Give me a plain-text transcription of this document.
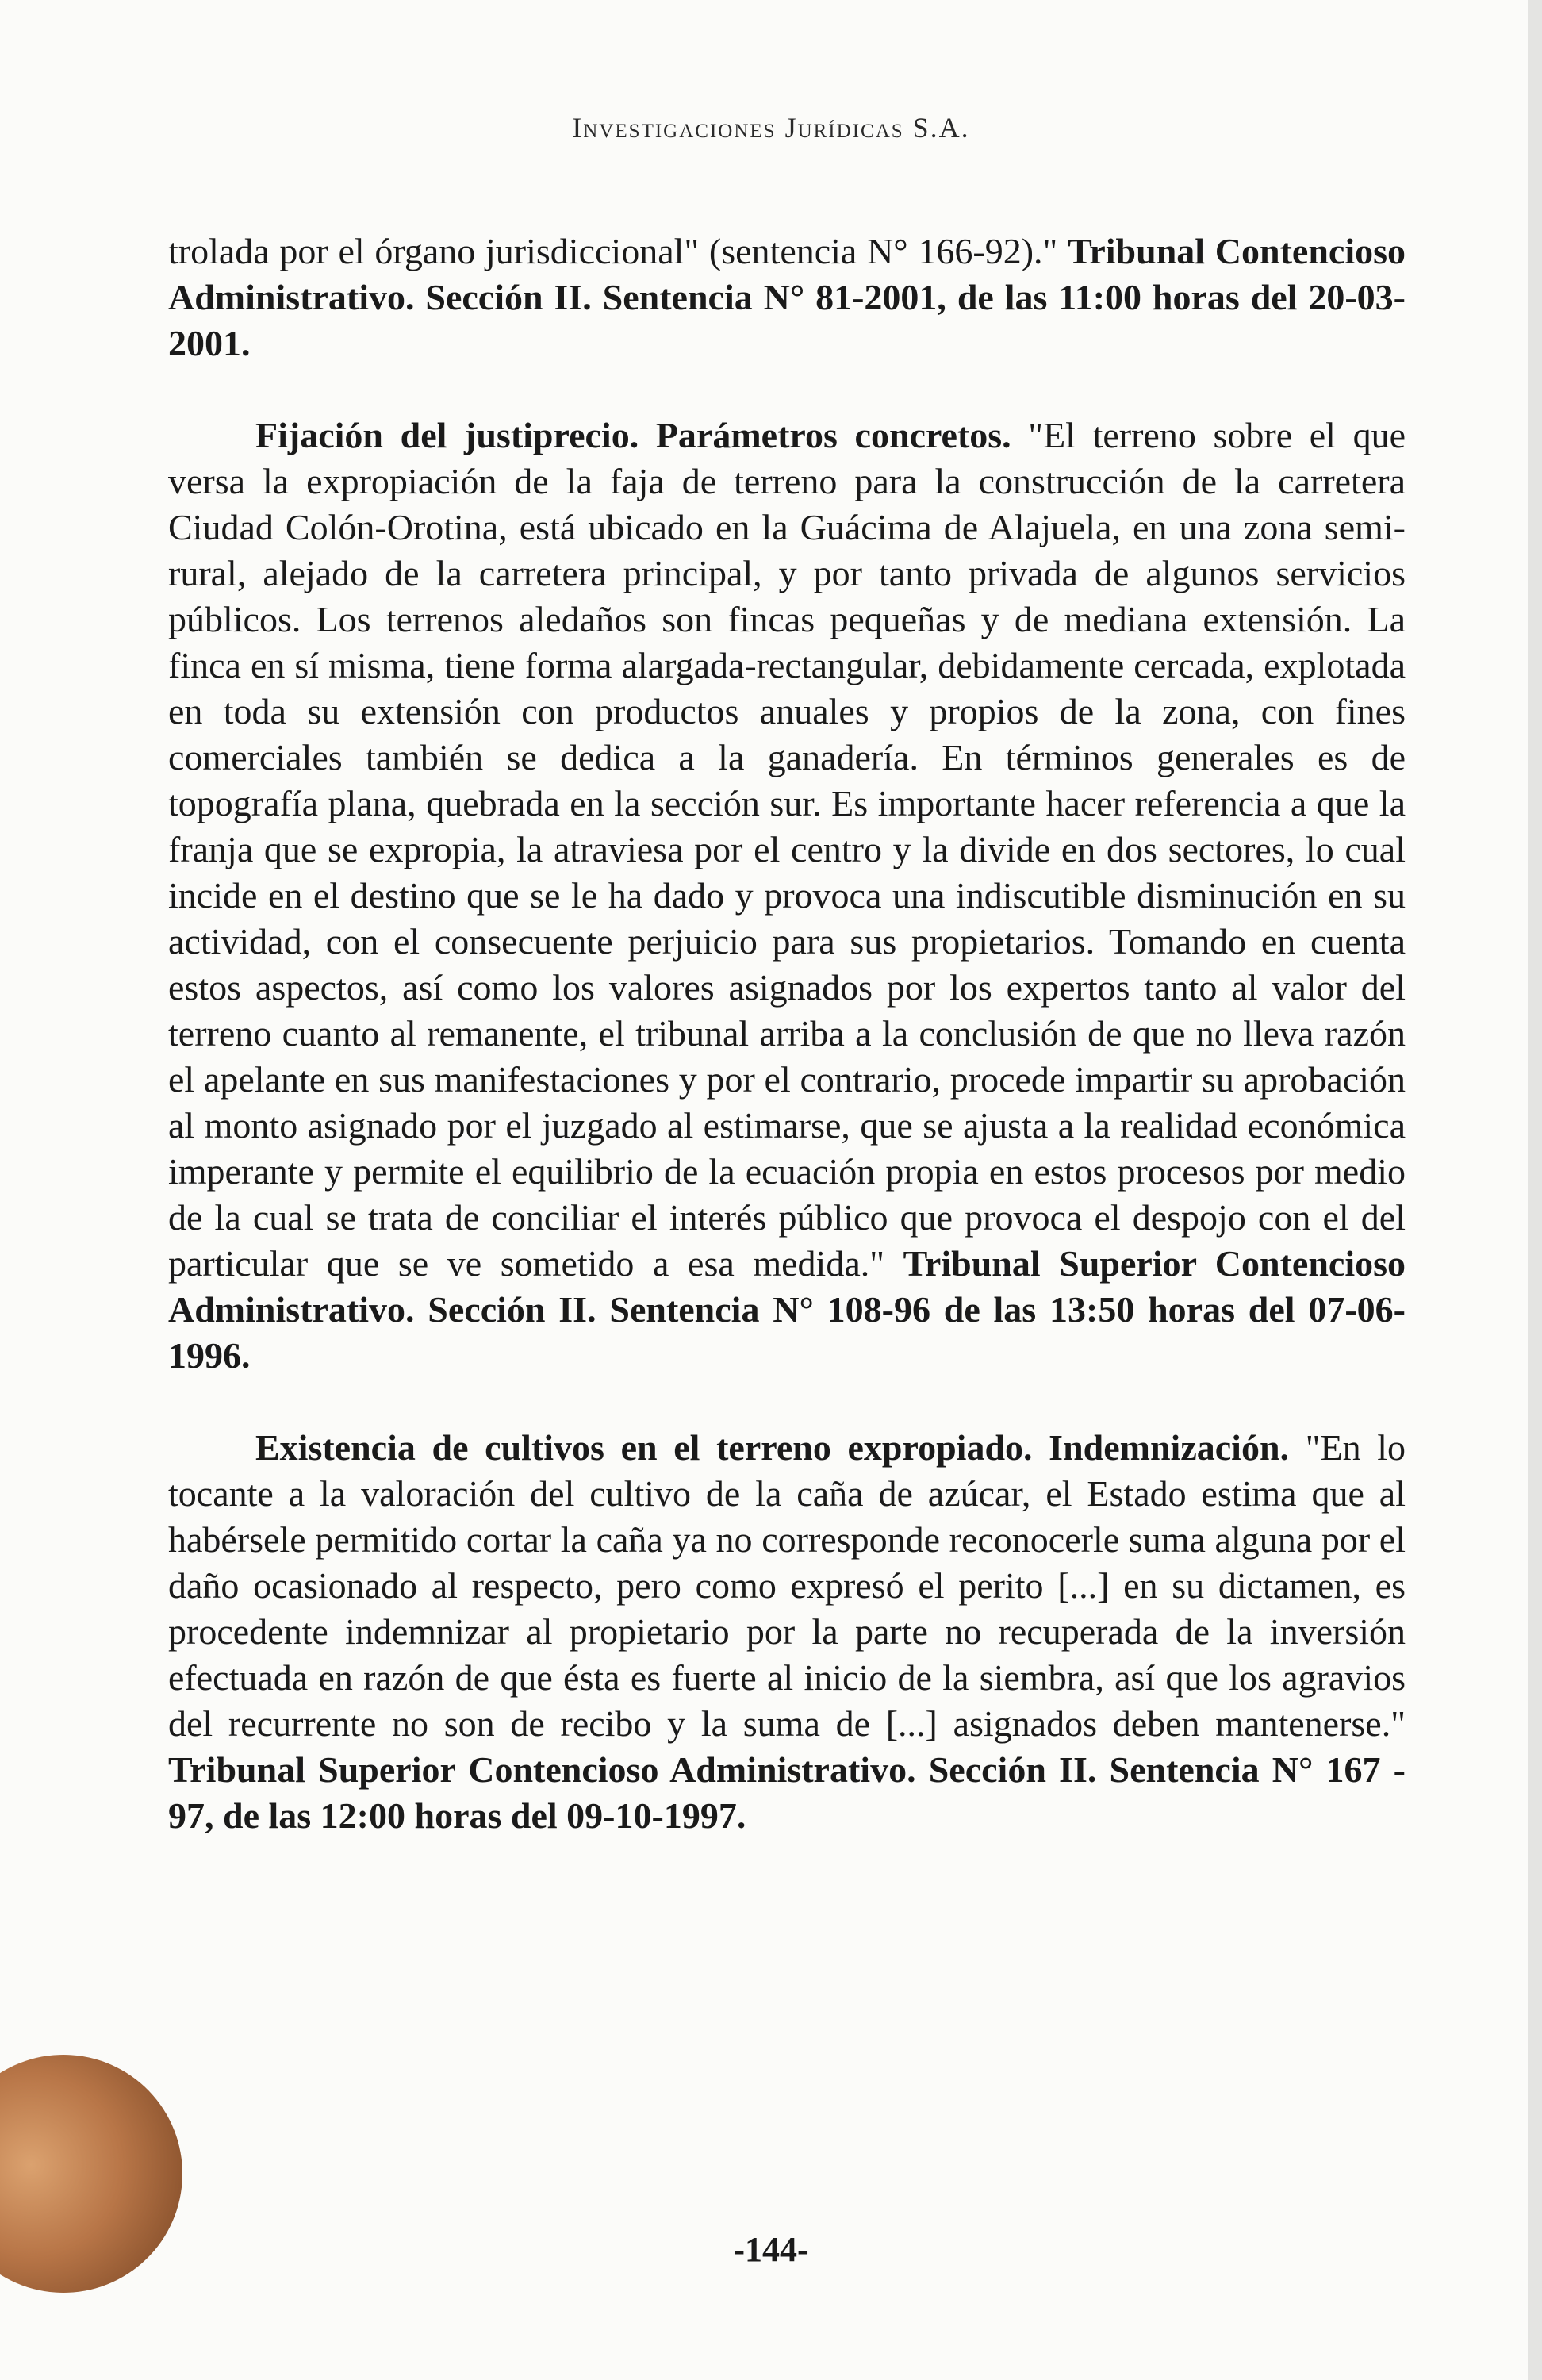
Investigaciones Jurídicas S.A.

trolada por el órgano jurisdiccional" (sentencia N° 166-92)." Tribunal Contencioso Administrativo. Sección II. Sentencia N° 81-2001, de las 11:00 horas del 20-03-2001.

Fijación del justiprecio. Parámetros concretos. "El terreno sobre el que versa la expropiación de la faja de terreno para la construcción de la carretera Ciudad Colón-Orotina, está ubicado en la Guácima de Alajuela, en una zona semi-rural, alejado de la carretera principal, y por tanto privada de algunos servicios públicos. Los terrenos aledaños son fincas pequeñas y de mediana extensión. La finca en sí misma, tiene forma alargada-rectangular, debidamente cercada, explotada en toda su extensión con productos anuales y propios de la zona, con fines comerciales también se dedica a la ganadería. En términos generales es de topografía plana, quebrada en la sección sur. Es importante hacer referencia a que la franja que se expropia, la atraviesa por el centro y la divide en dos sectores, lo cual incide en el destino que se le ha dado y provoca una indiscutible disminución en su actividad, con el consecuente perjuicio para sus propietarios. Tomando en cuenta estos aspectos, así como los valores asignados por los expertos tanto al valor del terreno cuanto al remanente, el tribunal arriba a la conclusión de que no lleva razón el apelante en sus manifestaciones y por el contrario, procede impartir su aprobación al monto asignado por el juzgado al estimarse, que se ajusta a la realidad económica imperante y permite el equilibrio de la ecuación propia en estos procesos por medio de la cual se trata de conciliar el interés público que provoca el despojo con el del particular que se ve sometido a esa medida." Tribunal Superior Contencioso Administrativo. Sección II. Sentencia N° 108-96 de las 13:50 horas del 07-06-1996.

Existencia de cultivos en el terreno expropiado. Indemnización. "En lo tocante a la valoración del cultivo de la caña de azúcar, el Estado estima que al habérsele permitido cortar la caña ya no corresponde reconocerle suma alguna por el daño ocasionado al respecto, pero como expresó el perito [...] en su dictamen, es procedente indemnizar al propietario por la parte no recuperada de la inversión efectuada en razón de que ésta es fuerte al inicio de la siembra, así que los agravios del recurrente no son de recibo y la suma de [...] asignados deben mantenerse." Tribunal Superior Contencioso Administrativo. Sección II. Sentencia N° 167 - 97, de las 12:00 horas del 09-10-1997.

-144-
